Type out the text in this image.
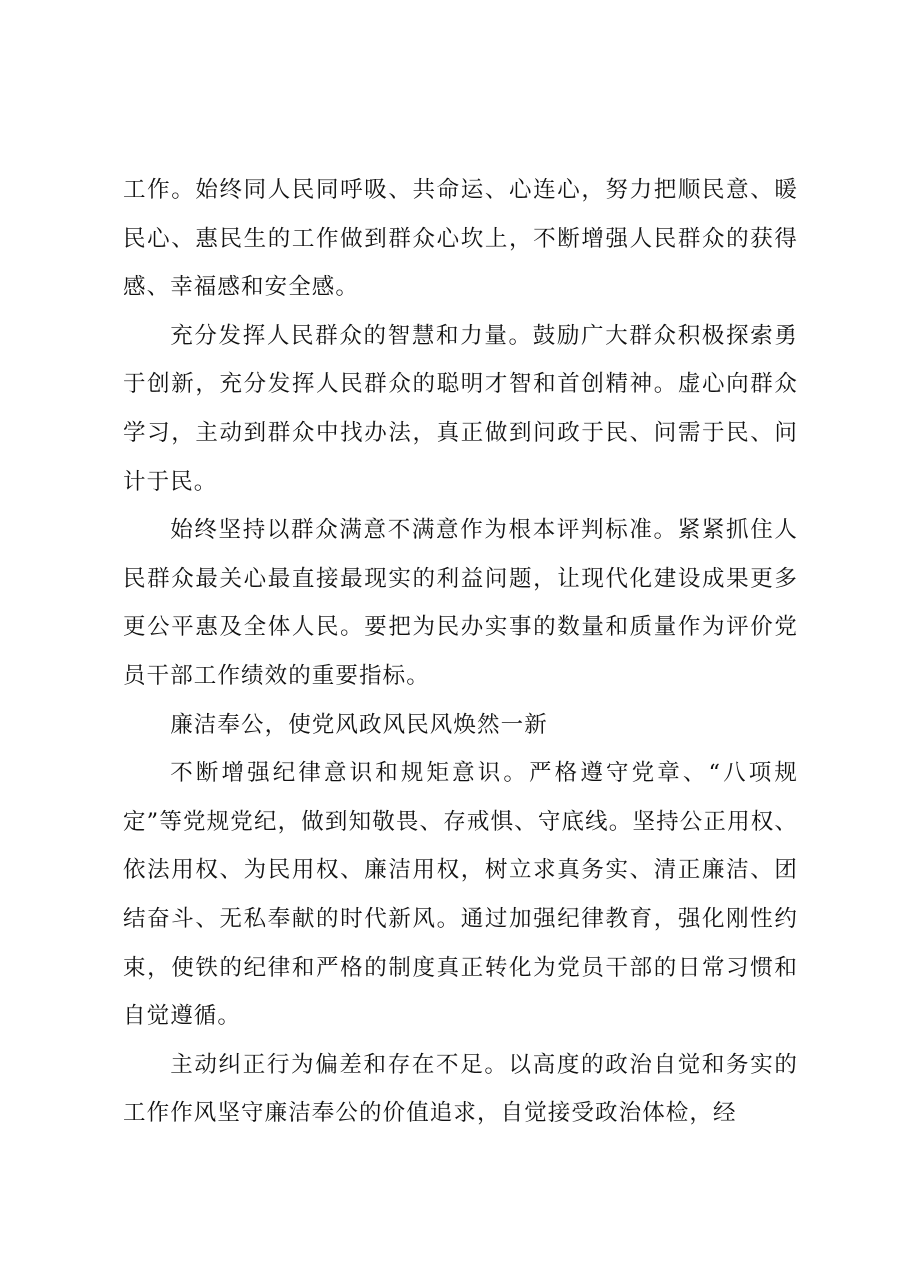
工作。始终同人民同呼吸、共命运、心连心，努力把顺民意、暖民心、惠民生的工作做到群众心坎上，不断增强人民群众的获得感、幸福感和安全感。

充分发挥人民群众的智慧和力量。鼓励广大群众积极探索勇于创新，充分发挥人民群众的聪明才智和首创精神。虚心向群众学习，主动到群众中找办法，真正做到问政于民、问需于民、问计于民。

始终坚持以群众满意不满意作为根本评判标准。紧紧抓住人民群众最关心最直接最现实的利益问题，让现代化建设成果更多更公平惠及全体人民。要把为民办实事的数量和质量作为评价党员干部工作绩效的重要指标。

廉洁奉公，使党风政风民风焕然一新

不断增强纪律意识和规矩意识。严格遵守党章、“八项规定”等党规党纪，做到知敬畏、存戒惧、守底线。坚持公正用权、依法用权、为民用权、廉洁用权，树立求真务实、清正廉洁、团结奋斗、无私奉献的时代新风。通过加强纪律教育，强化刚性约束，使铁的纪律和严格的制度真正转化为党员干部的日常习惯和自觉遵循。

主动纠正行为偏差和存在不足。以高度的政治自觉和务实的工作作风坚守廉洁奉公的价值追求，自觉接受政治体检，经
